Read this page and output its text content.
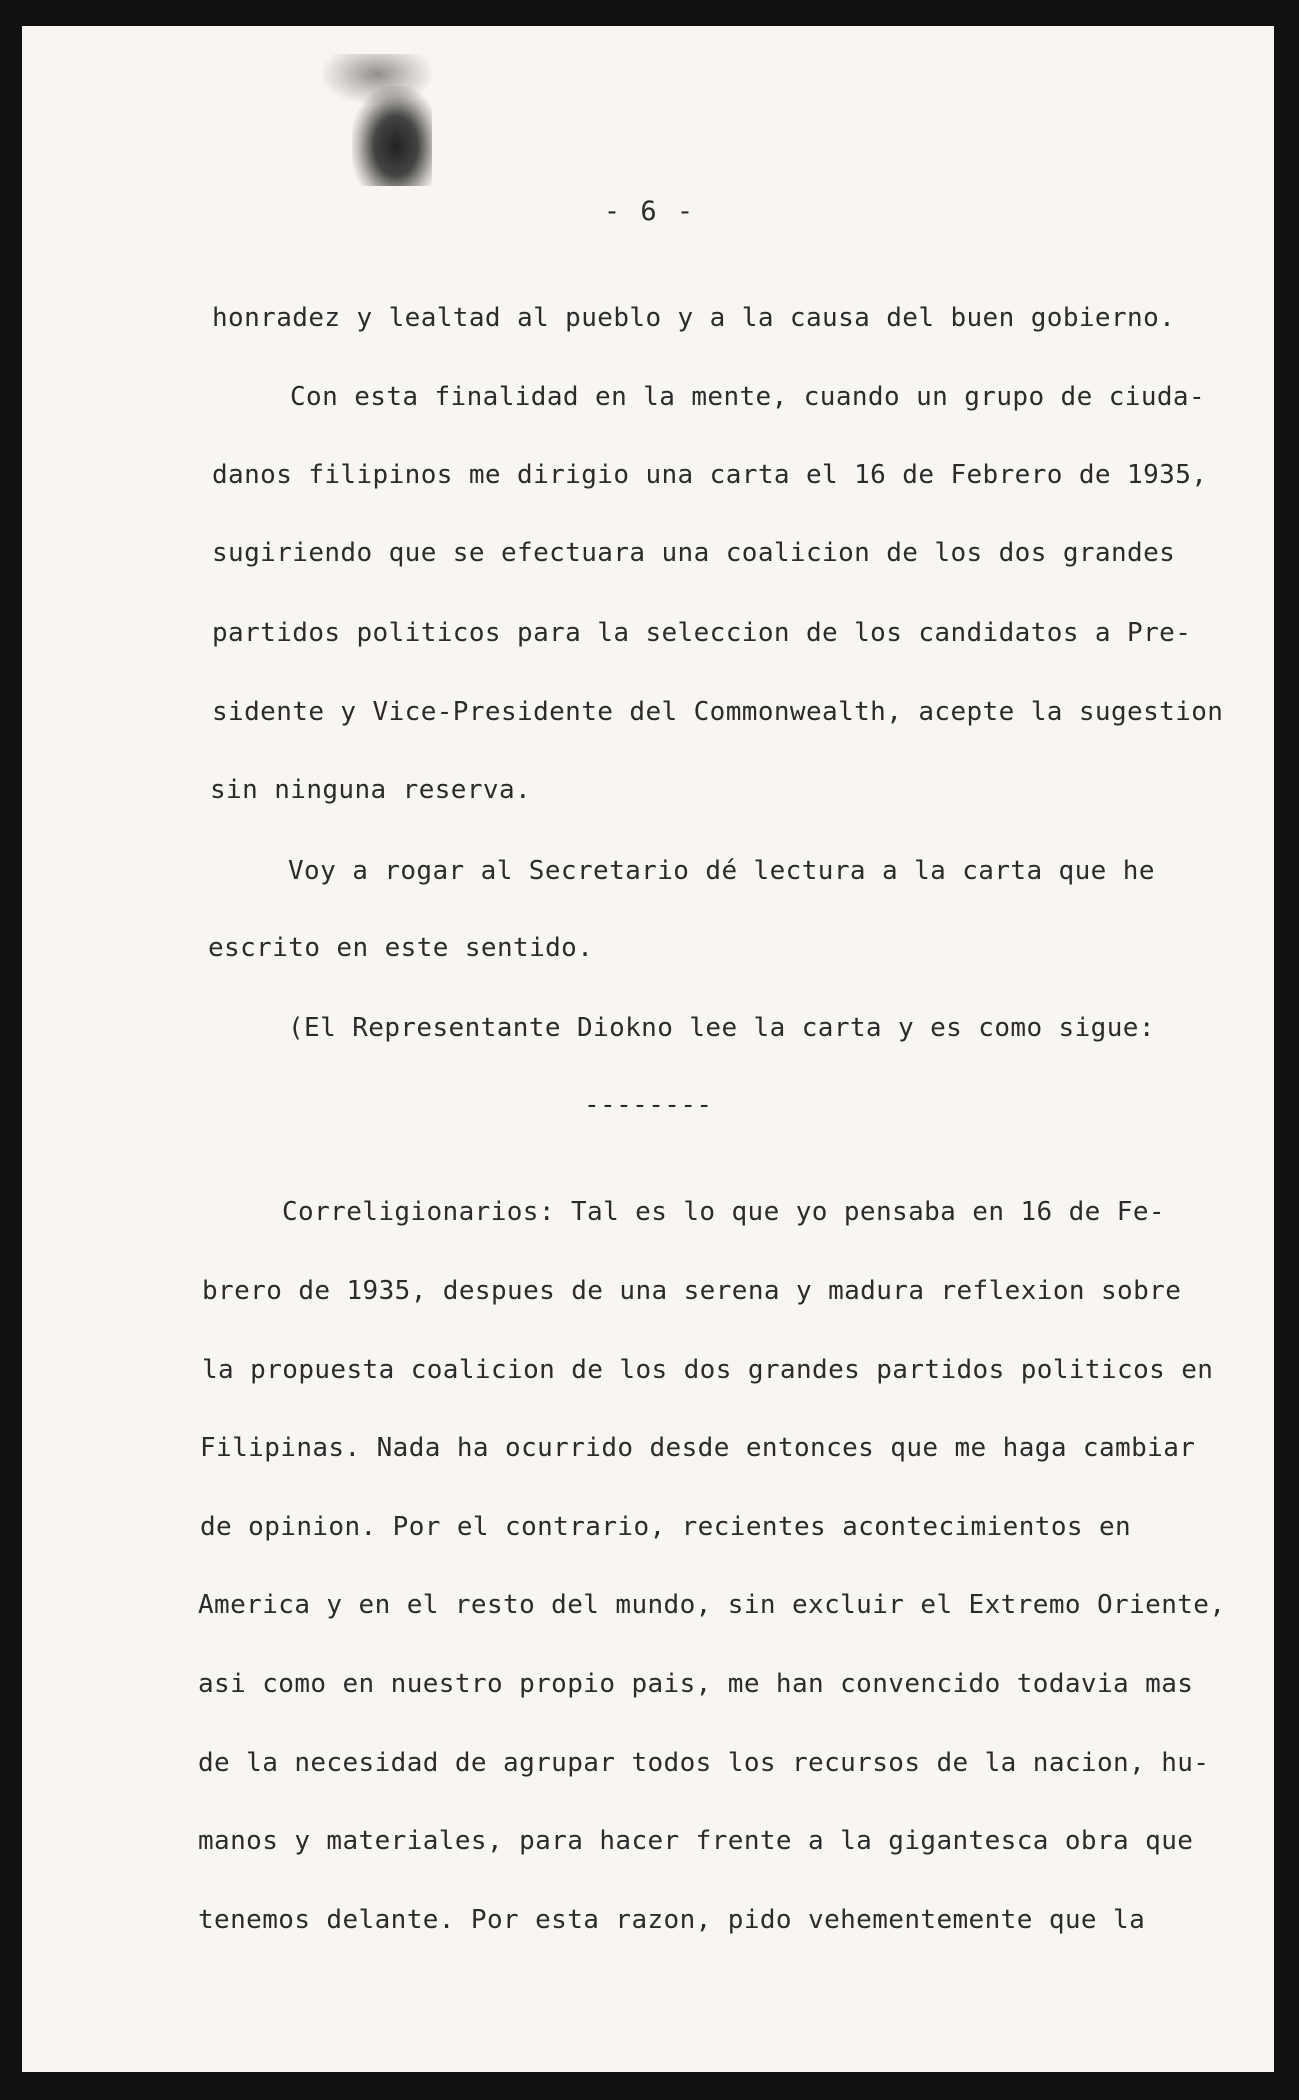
- 6 -
honradez y lealtad al pueblo y a la causa del buen gobierno.
Con esta finalidad en la mente, cuando un grupo de ciuda-
danos filipinos me dirigio una carta el 16 de Febrero de 1935,
sugiriendo que se efectuara una coalicion de los dos grandes
partidos politicos para la seleccion de los candidatos a Pre-
sidente y Vice-Presidente del Commonwealth, acepte la sugestion
sin ninguna reserva.
Voy a rogar al Secretario dé lectura a la carta que he
escrito en este sentido.
(El Representante Diokno lee la carta y es como sigue:
--------
Correligionarios: Tal es lo que yo pensaba en 16 de Fe-
brero de 1935, despues de una serena y madura reflexion sobre
la propuesta coalicion de los dos grandes partidos politicos en
Filipinas. Nada ha ocurrido desde entonces que me haga cambiar
de opinion. Por el contrario, recientes acontecimientos en
America y en el resto del mundo, sin excluir el Extremo Oriente,
asi como en nuestro propio pais, me han convencido todavia mas
de la necesidad de agrupar todos los recursos de la nacion, hu-
manos y materiales, para hacer frente a la gigantesca obra que
tenemos delante. Por esta razon, pido vehementemente que la
